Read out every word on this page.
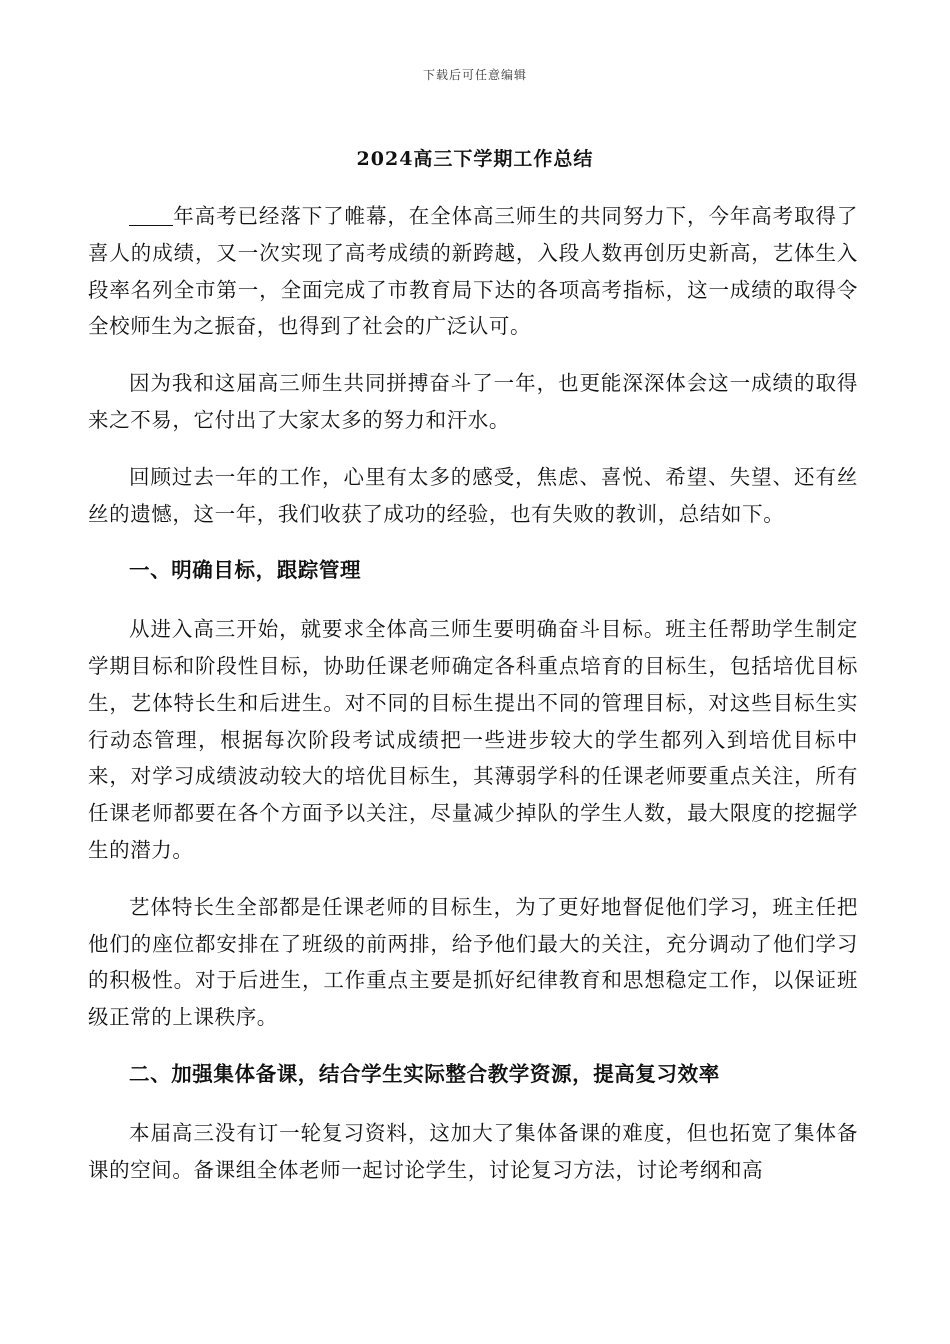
下载后可任意编辑
2024高三下学期工作总结

年高考已经落下了帷幕，在全体高三师生的共同努力下，今年高考取得了喜人的成绩，又一次实现了高考成绩的新跨越，入段人数再创历史新高，艺体生入段率名列全市第一，全面完成了市教育局下达的各项高考指标，这一成绩的取得令全校师生为之振奋，也得到了社会的广泛认可。

因为我和这届高三师生共同拼搏奋斗了一年，也更能深深体会这一成绩的取得来之不易，它付出了大家太多的努力和汗水。

回顾过去一年的工作，心里有太多的感受，焦虑、喜悦、希望、失望、还有丝丝的遗憾，这一年，我们收获了成功的经验，也有失败的教训，总结如下。

一、明确目标，跟踪管理

从进入高三开始，就要求全体高三师生要明确奋斗目标。班主任帮助学生制定学期目标和阶段性目标，协助任课老师确定各科重点培育的目标生，包括培优目标生，艺体特长生和后进生。对不同的目标生提出不同的管理目标，对这些目标生实行动态管理，根据每次阶段考试成绩把一些进步较大的学生都列入到培优目标中来，对学习成绩波动较大的培优目标生，其薄弱学科的任课老师要重点关注，所有任课老师都要在各个方面予以关注，尽量减少掉队的学生人数，最大限度的挖掘学生的潜力。

艺体特长生全部都是任课老师的目标生，为了更好地督促他们学习，班主任把他们的座位都安排在了班级的前两排，给予他们最大的关注，充分调动了他们学习的积极性。对于后进生，工作重点主要是抓好纪律教育和思想稳定工作，以保证班级正常的上课秩序。

二、加强集体备课，结合学生实际整合教学资源，提高复习效率

本届高三没有订一轮复习资料，这加大了集体备课的难度，但也拓宽了集体备课的空间。备课组全体老师一起讨论学生，讨论复习方法，讨论考纲和高
